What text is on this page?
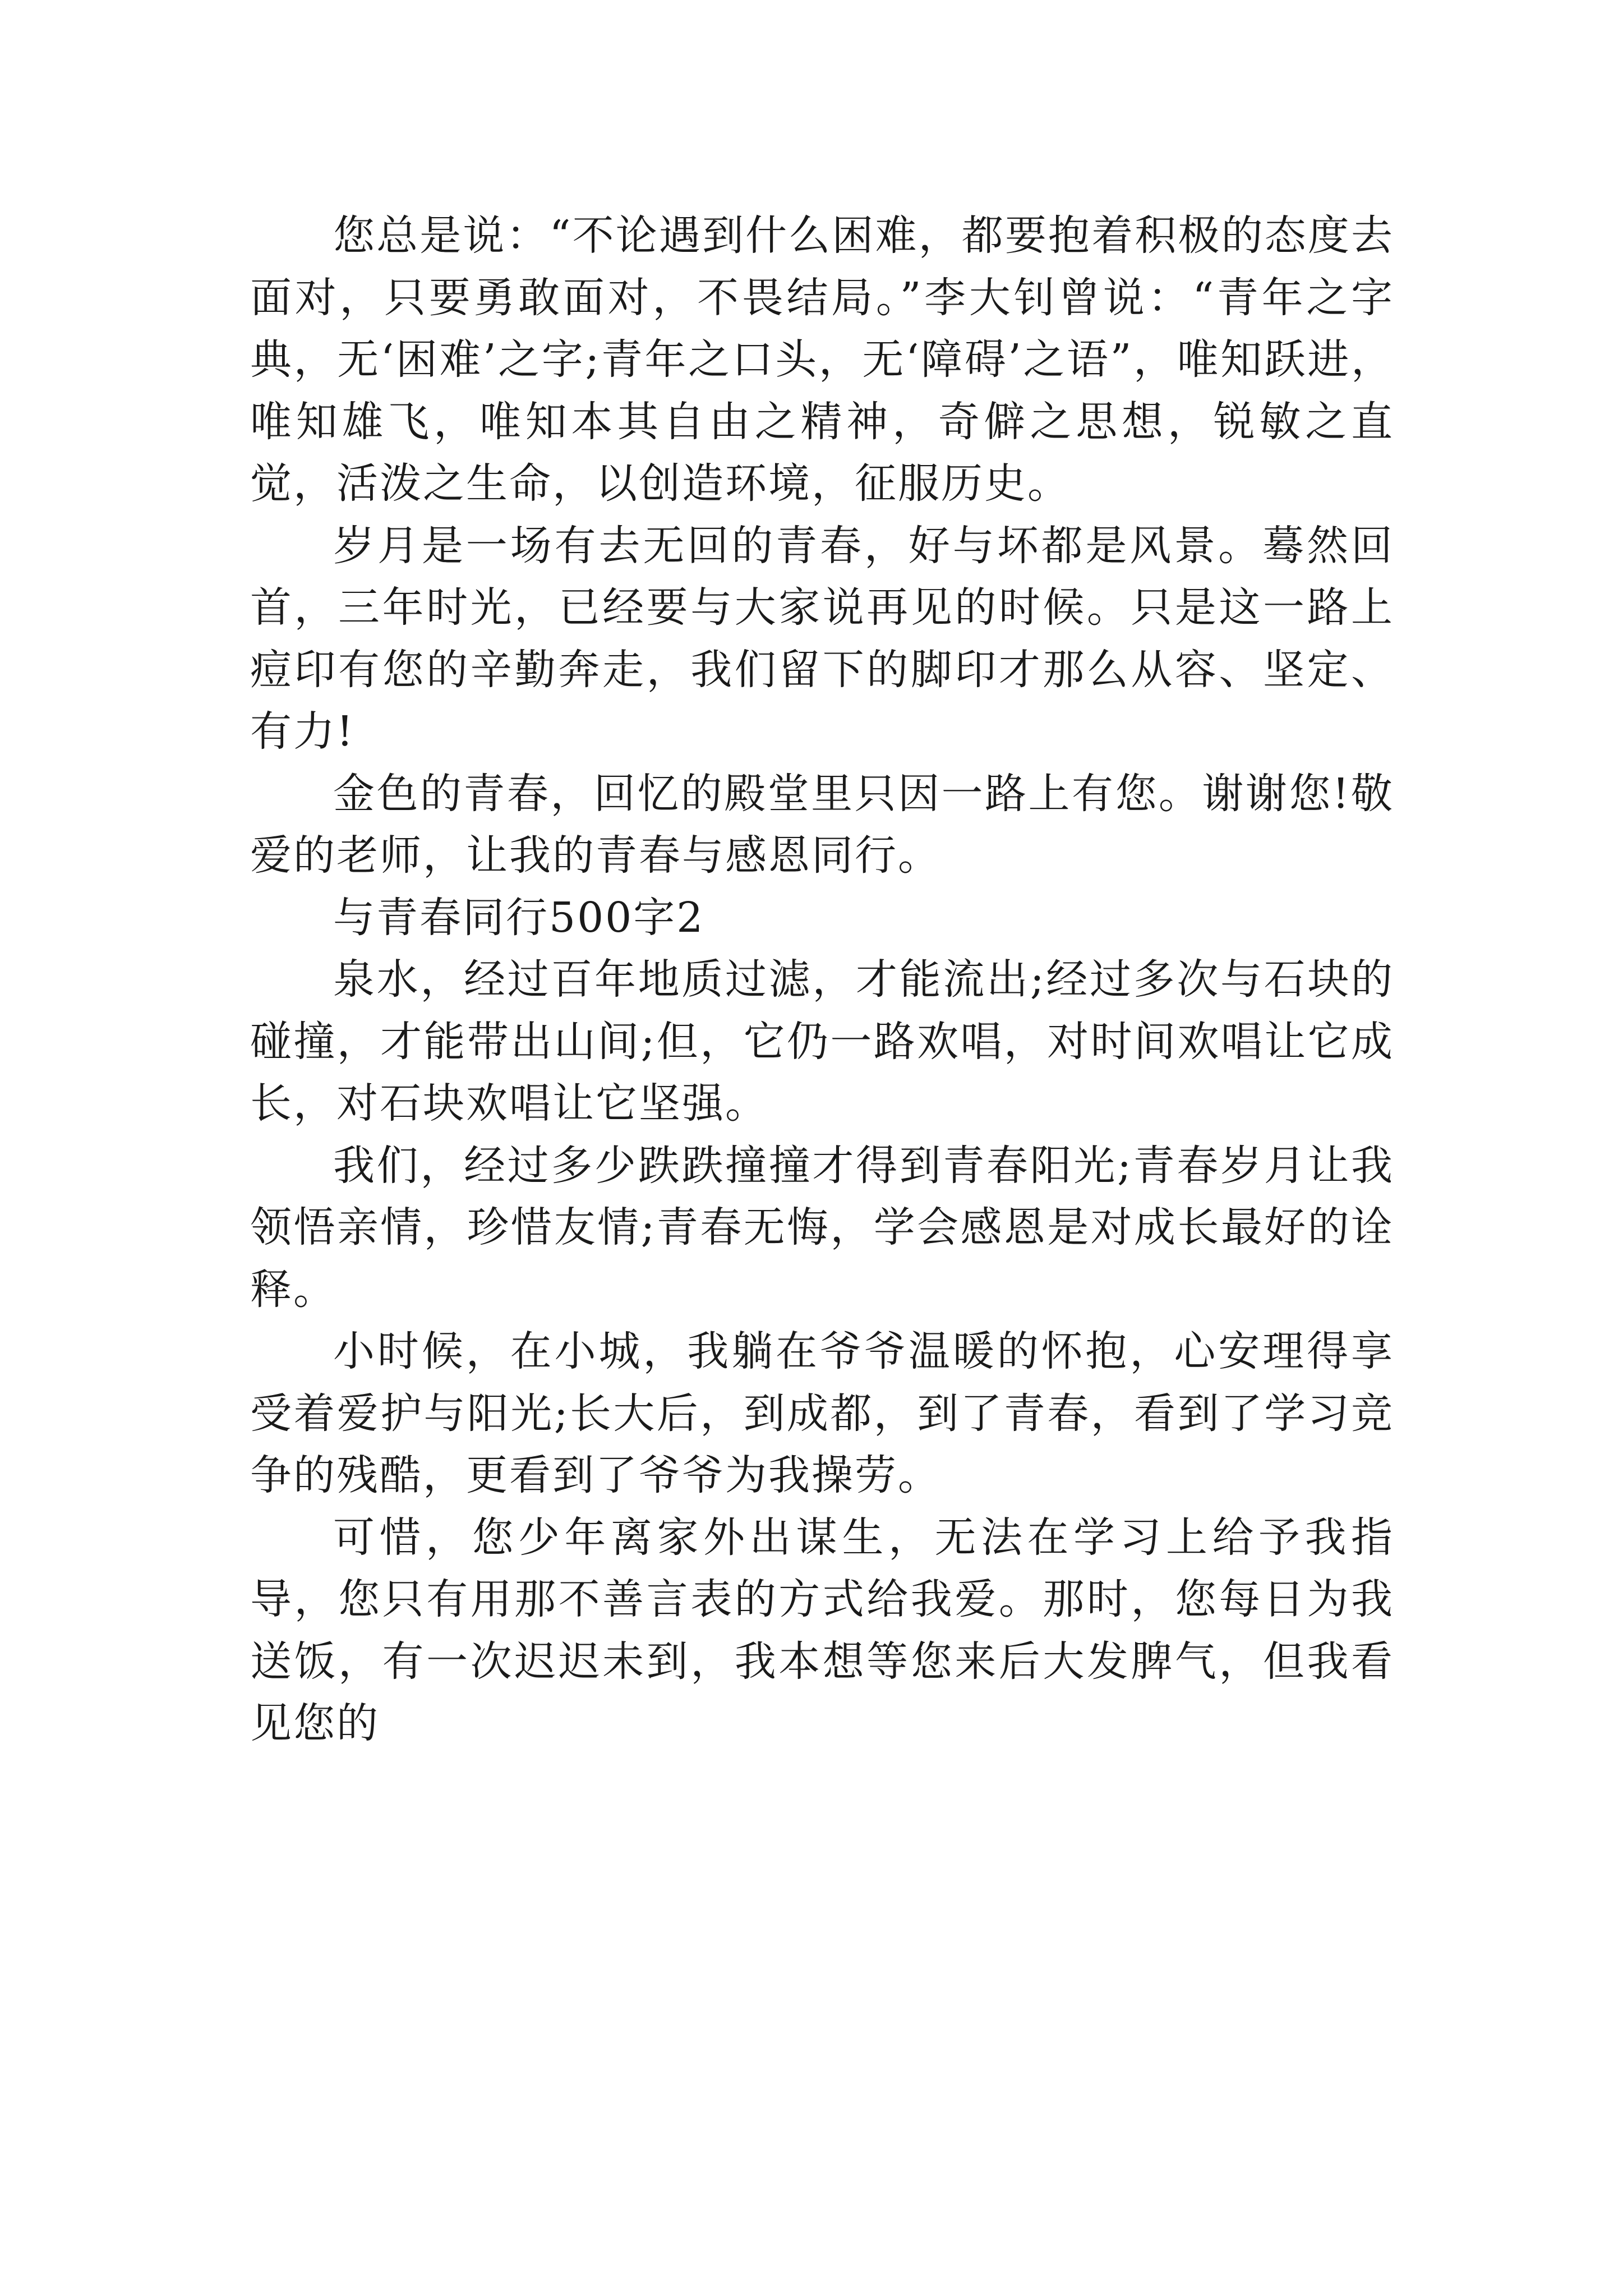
您总是说：“不论遇到什么困难，都要抱着积极的态度去面对，只要勇敢面对，不畏结局。”李大钊曾说：“青年之字典，无‘困难’之字;青年之口头，无‘障碍’之语”，唯知跃进，唯知雄飞，唯知本其自由之精神，奇僻之思想，锐敏之直觉，活泼之生命，以创造环境，征服历史。

岁月是一场有去无回的青春，好与坏都是风景。蓦然回首，三年时光，已经要与大家说再见的时候。只是这一路上痘印有您的辛勤奔走，我们留下的脚印才那么从容、坚定、有力!

金色的青春，回忆的殿堂里只因一路上有您。谢谢您!敬爱的老师，让我的青春与感恩同行。

与青春同行500字2

泉水，经过百年地质过滤，才能流出;经过多次与石块的碰撞，才能带出山间;但，它仍一路欢唱，对时间欢唱让它成长，对石块欢唱让它坚强。

我们，经过多少跌跌撞撞才得到青春阳光;青春岁月让我领悟亲情，珍惜友情;青春无悔，学会感恩是对成长最好的诠释。

小时候，在小城，我躺在爷爷温暖的怀抱，心安理得享受着爱护与阳光;长大后，到成都，到了青春，看到了学习竞争的残酷，更看到了爷爷为我操劳。

可惜，您少年离家外出谋生，无法在学习上给予我指导，您只有用那不善言表的方式给我爱。那时，您每日为我送饭，有一次迟迟未到，我本想等您来后大发脾气，但我看见您的
